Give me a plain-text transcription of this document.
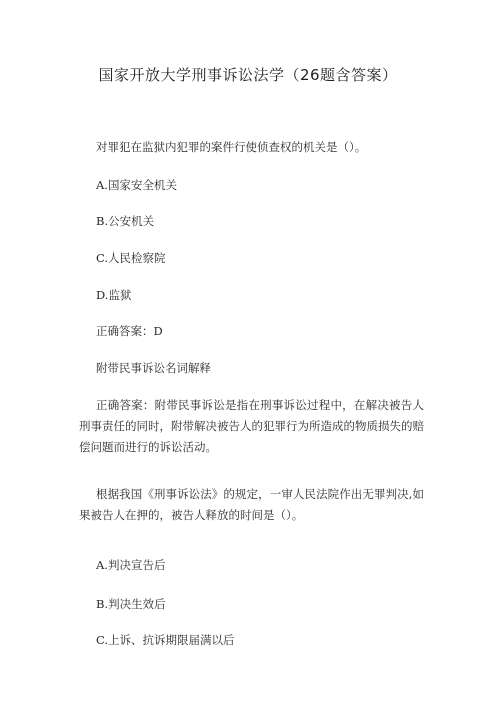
国家开放大学刑事诉讼法学（26题含答案）
对罪犯在监狱内犯罪的案件行使侦查权的机关是（）。
A.国家安全机关
B.公安机关
C.人民检察院
D.监狱
正确答案：D
附带民事诉讼名词解释
正确答案：附带民事诉讼是指在刑事诉讼过程中，在解决被告人刑事责任的同时，附带解决被告人的犯罪行为所造成的物质损失的赔偿问题而进行的诉讼活动。
根据我国《刑事诉讼法》的规定，一审人民法院作出无罪判决,如果被告人在押的，被告人释放的时间是（）。
A.判决宣告后
B.判决生效后
C.上诉、抗诉期限届满以后
